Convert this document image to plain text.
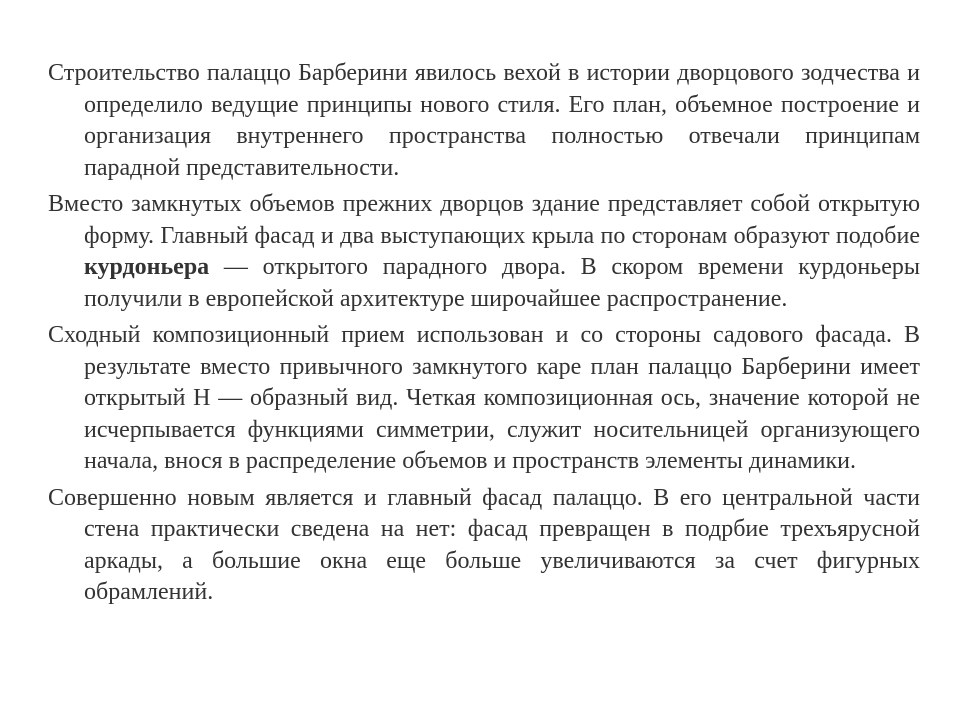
Строительство палаццо Барберини явилось вехой в истории дворцового зодчества и определило ведущие принципы нового стиля. Его план, объемное построение и организация внутреннего пространства полностью отвечали принципам парадной представительности.

Вместо замкнутых объемов прежних дворцов здание представляет собой открытую форму. Главный фасад и два выступающих крыла по сторонам образуют подобие курдоньера — открытого парадного двора. В скором времени курдоньеры получили в европейской архитектуре широчайшее распространение.

Сходный композиционный прием использован и со стороны садового фасада. В результате вместо привычного замкнутого каре план палаццо Барберини имеет открытый Н — образный вид. Четкая композиционная ось, значение которой не исчерпывается функциями симметрии, служит носительницей организующего начала, внося в распределение объемов и пространств элементы динамики.

Совершенно новым является и главный фасад палаццо. В его центральной части стена практически сведена на нет: фасад превращен в подрбие трехъярусной аркады, а большие окна еще больше увеличиваются за счет фигурных обрамлений.
